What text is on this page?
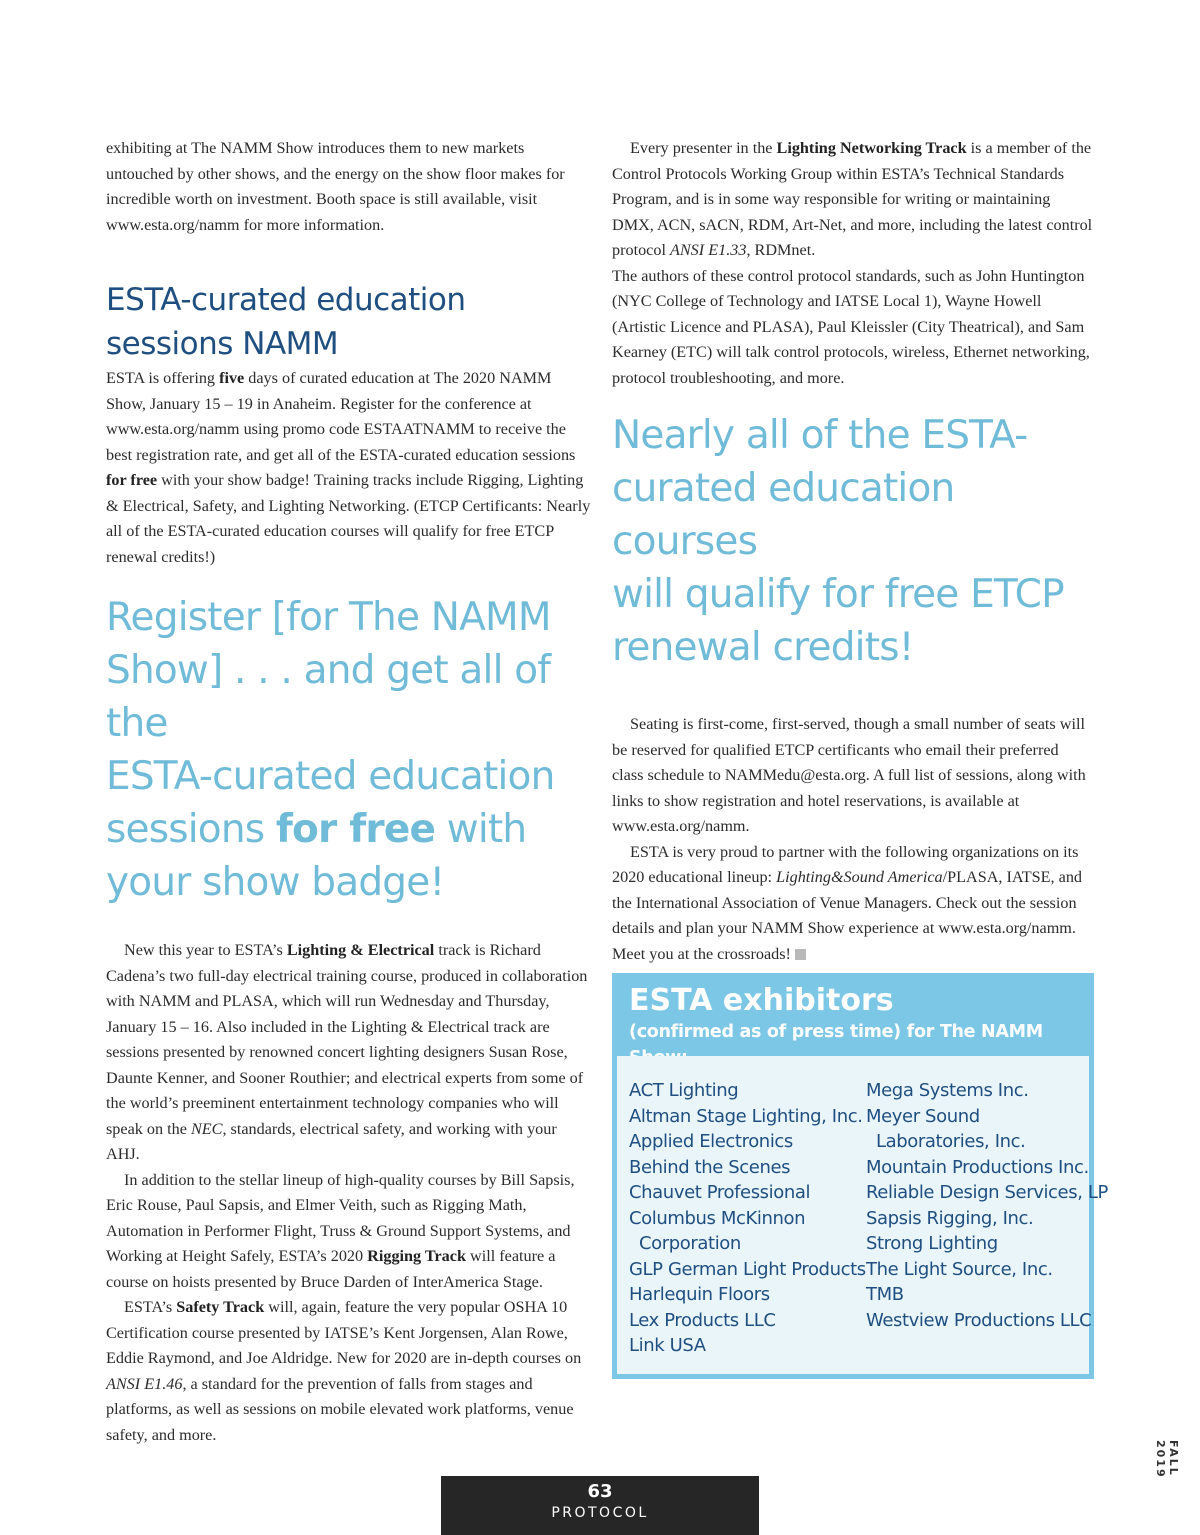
exhibiting at The NAMM Show introduces them to new markets untouched by other shows, and the energy on the show floor makes for incredible worth on investment. Booth space is still available, visit www.esta.org/namm for more information.

ESTA-curated education
sessions NAMM

ESTA is offering five days of curated education at The 2020 NAMM Show, January 15 – 19 in Anaheim. Register for the conference at www.esta.org/namm using promo code ESTAATNAMM to receive the best registration rate, and get all of the ESTA-curated education sessions for free with your show badge! Training tracks include Rigging, Lighting & Electrical, Safety, and Lighting Networking. (ETCP Certificants: Nearly all of the ESTA-curated education courses will qualify for free ETCP renewal credits!)

Register [for The NAMM
Show] . . . and get all of the
ESTA-curated education
sessions for free with
your show badge!

New this year to ESTA’s Lighting & Electrical track is Richard Cadena’s two full-day electrical training course, produced in collaboration with NAMM and PLASA, which will run Wednesday and Thursday, January 15 – 16. Also included in the Lighting & Electrical track are sessions presented by renowned concert lighting designers Susan Rose, Daunte Kenner, and Sooner Routhier; and electrical experts from some of the world’s preeminent entertainment technology companies who will speak on the NEC, standards, electrical safety, and working with your AHJ.

In addition to the stellar lineup of high-quality courses by Bill Sapsis, Eric Rouse, Paul Sapsis, and Elmer Veith, such as Rigging Math, Automation in Performer Flight, Truss & Ground Support Systems, and Working at Height Safely, ESTA’s 2020 Rigging Track will feature a course on hoists presented by Bruce Darden of InterAmerica Stage.

ESTA’s Safety Track will, again, feature the very popular OSHA 10 Certification course presented by IATSE’s Kent Jorgensen, Alan Rowe, Eddie Raymond, and Joe Aldridge. New for 2020 are in-depth courses on ANSI E1.46, a standard for the prevention of falls from stages and platforms, as well as sessions on mobile elevated work platforms, venue safety, and more.

Every presenter in the Lighting Networking Track is a member of the Control Protocols Working Group within ESTA’s Technical Standards Program, and is in some way responsible for writing or maintaining DMX, ACN, sACN, RDM, Art-Net, and more, including the latest control protocol ANSI E1.33, RDMnet.

The authors of these control protocol standards, such as John Huntington (NYC College of Technology and IATSE Local 1), Wayne Howell (Artistic Licence and PLASA), Paul Kleissler (City Theatrical), and Sam Kearney (ETC) will talk control protocols, wireless, Ethernet networking, protocol troubleshooting, and more.

Nearly all of the ESTA-
curated education courses
will qualify for free ETCP
renewal credits!

Seating is first-come, first-served, though a small number of seats will be reserved for qualified ETCP certificants who email their preferred class schedule to NAMMedu@esta.org. A full list of sessions, along with links to show registration and hotel reservations, is available at www.esta.org/namm.

ESTA is very proud to partner with the following organizations on its 2020 educational lineup: Lighting&Sound America/PLASA, IATSE, and the International Association of Venue Managers. Check out the session details and plan your NAMM Show experience at www.esta.org/namm. Meet you at the crossroads!

ESTA exhibitors
(confirmed as of press time) for The NAMM
ACT Lighting
Altman Stage Lighting, Inc.
Applied Electronics
Behind the Scenes
Chauvet Professional
Columbus McKinnon
Corporation
GLP German Light Products
Harlequin Floors
Lex Products LLC
Link USA
Mega Systems Inc.
Meyer Sound
Laboratories, Inc.
Mountain Productions Inc.
Reliable Design Services, LP
Sapsis Rigging, Inc.
Strong Lighting
The Light Source, Inc.
TMB
Westview Productions LLC
63
PROTOCOL
FALL 2019
